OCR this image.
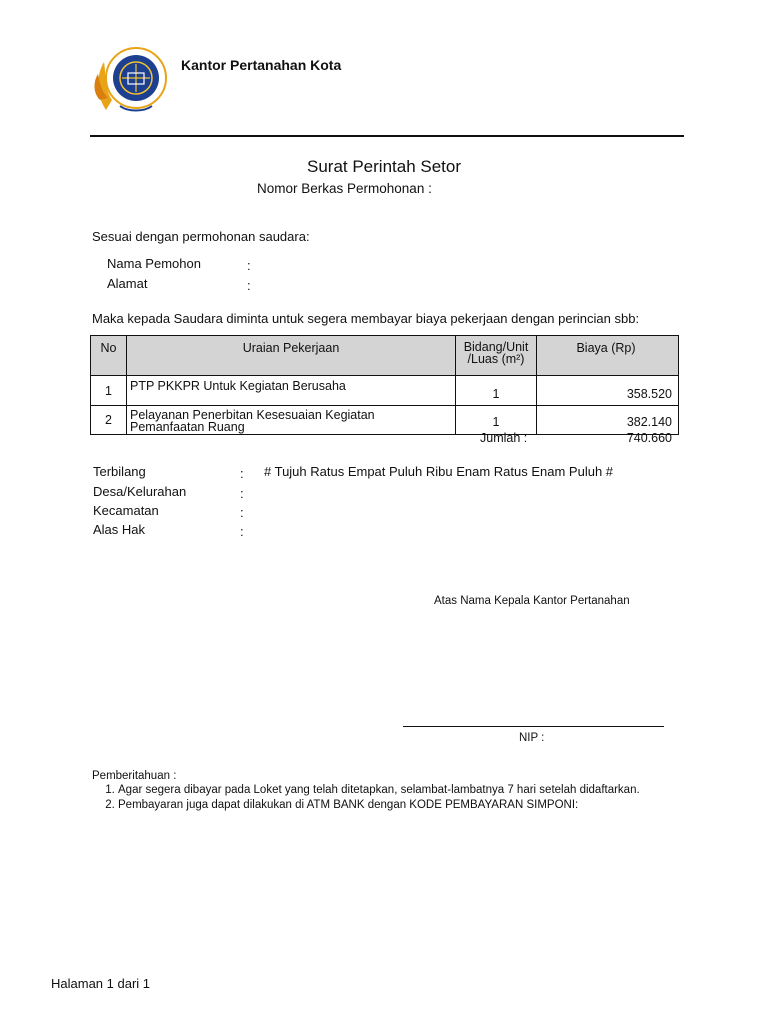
Kantor Pertanahan Kota
Surat Perintah Setor
Nomor Berkas Permohonan :
Sesuai dengan permohonan saudara:
Nama Pemohon	:
Alamat	:
Maka kepada Saudara diminta untuk segera membayar biaya pekerjaan dengan perincian sbb:
No	Uraian Pekerjaan	Bidang/Unit
/Luas (m²)	Biaya (Rp)
1	PTP PKKPR Untuk Kegiatan Berusaha	1	358.520
2	Pelayanan Penerbitan Kesesuaian Kegiatan
Pemanfaatan Ruang	1	382.140
Jumlah :	740.660
Terbilang	: # Tujuh Ratus Empat Puluh Ribu Enam Ratus Enam Puluh #
Desa/Kelurahan	:
Kecamatan	:
Alas Hak	:
Atas Nama Kepala Kantor Pertanahan
NIP :
Pemberitahuan :
1. Agar segera dibayar pada Loket yang telah ditetapkan, selambat-lambatnya 7 hari setelah didaftarkan.
2. Pembayaran juga dapat dilakukan di ATM BANK dengan KODE PEMBAYARAN SIMPONI:
Halaman 1 dari 1
